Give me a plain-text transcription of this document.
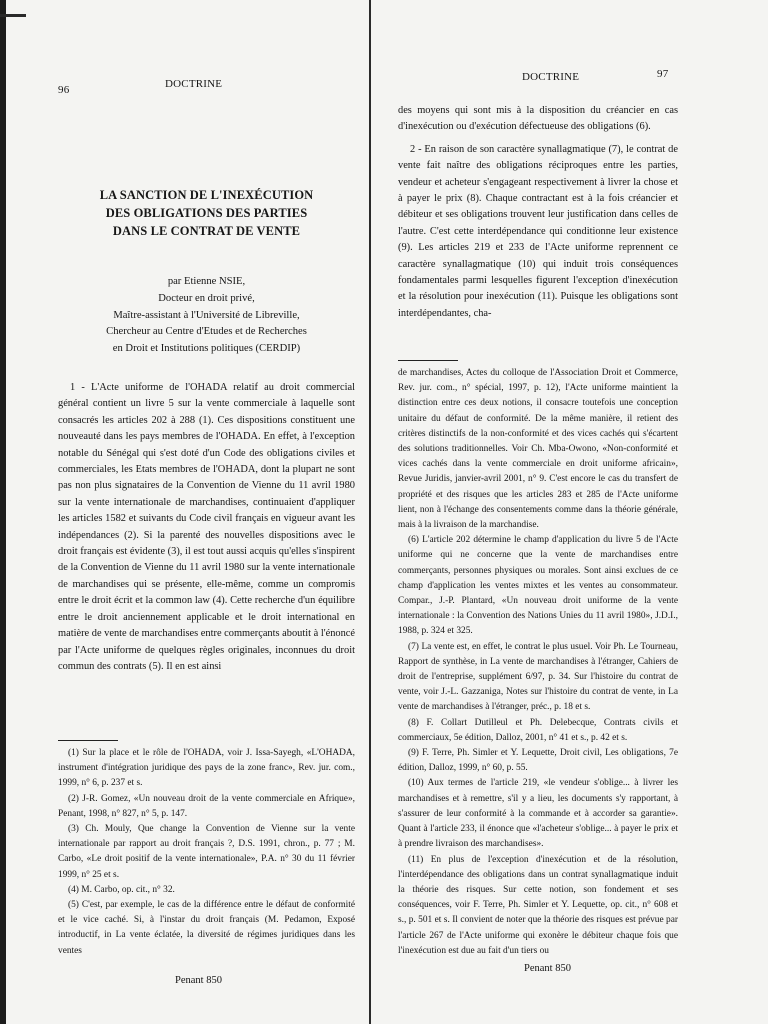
96	DOCTRINE
LA SANCTION DE L'INEXÉCUTION
DES OBLIGATIONS DES PARTIES
DANS LE CONTRAT DE VENTE
par Etienne NSIE,
Docteur en droit privé,
Maître-assistant à l'Université de Libreville,
Chercheur au Centre d'Etudes et de Recherches
en Droit et Institutions politiques (CERDIP)

1 - L'Acte uniforme de l'OHADA relatif au droit commercial général contient un livre 5 sur la vente commerciale à laquelle sont consacrés les articles 202 à 288 (1). Ces dispositions constituent une nouveauté dans les pays membres de l'OHADA. En effet, à l'exception notable du Sénégal qui s'est doté d'un Code des obligations civiles et commerciales, les Etats membres de l'OHADA, dont la plupart ne sont pas non plus signataires de la Convention de Vienne du 11 avril 1980 sur la vente internationale de marchandises, continuaient d'appliquer les articles 1582 et suivants du Code civil français en vigueur avant les indépendances (2). Si la parenté des nouvelles dispositions avec le droit français est évidente (3), il est tout aussi acquis qu'elles s'inspirent de la Convention de Vienne du 11 avril 1980 sur la vente internationale de marchandises qui se présente, elle-même, comme un compromis entre le droit écrit et la common law (4). Cette recherche d'un équilibre entre le droit anciennement applicable et le droit international en matière de vente de marchandises entre commerçants aboutit à l'énoncé par l'Acte uniforme de quelques règles originales, inconnues du droit commun des contrats (5). Il en est ainsi

(1) Sur la place et le rôle de l'OHADA, voir J. Issa-Sayegh, «L'OHADA, instrument d'intégration juridique des pays de la zone franc», Rev. jur. com., 1999, n° 6, p. 237 et s.

(2) J-R. Gomez, «Un nouveau droit de la vente commerciale en Afrique», Penant, 1998, n° 827, n° 5, p. 147.

(3) Ch. Mouly, Que change la Convention de Vienne sur la vente internationale par rapport au droit français ?, D.S. 1991, chron., p. 77 ; M. Carbo, «Le droit positif de la vente internationale», P.A. n° 30 du 11 février 1999, n° 25 et s.

(4) M. Carbo, op. cit., n° 32.

(5) C'est, par exemple, le cas de la différence entre le défaut de conformité et le vice caché. Si, à l'instar du droit français (M. Pedamon, Exposé introductif, in La vente éclatée, la diversité de régimes juridiques dans les ventes

Penant 850
DOCTRINE	97

des moyens qui sont mis à la disposition du créancier en cas d'inexécution ou d'exécution défectueuse des obligations (6).

2 - En raison de son caractère synallagmatique (7), le contrat de vente fait naître des obligations réciproques entre les parties, vendeur et acheteur s'engageant respectivement à livrer la chose et à payer le prix (8). Chaque contractant est à la fois créancier et débiteur et ses obligations trouvent leur justification dans celles de l'autre. C'est cette interdépendance qui conditionne leur existence (9). Les articles 219 et 233 de l'Acte uniforme reprennent ce caractère synallagmatique (10) qui induit trois conséquences fondamentales parmi lesquelles figurent l'exception d'inexécution et la résolution pour inexécution (11). Puisque les obligations sont interdépendantes, cha-

de marchandises, Actes du colloque de l'Association Droit et Commerce, Rev. jur. com., n° spécial, 1997, p. 12), l'Acte uniforme maintient la distinction entre ces deux notions, il consacre toutefois une conception unitaire du défaut de conformité. De la même manière, il retient des critères distinctifs de la non-conformité et des vices cachés qui s'écartent des solutions traditionnelles. Voir Ch. Mba-Owono, «Non-conformité et vices cachés dans la vente commerciale en droit uniforme africain», Revue Juridis, janvier-avril 2001, n° 9. C'est encore le cas du transfert de propriété et des risques que les articles 283 et 285 de l'Acte uniforme lient, non à l'échange des consentements comme dans la théorie générale, mais à la livraison de la marchandise.

(6) L'article 202 détermine le champ d'application du livre 5 de l'Acte uniforme qui ne concerne que la vente de marchandises entre commerçants, personnes physiques ou morales. Sont ainsi exclues de ce champ d'application les ventes mixtes et les ventes au consommateur. Compar., J.-P. Plantard, «Un nouveau droit uniforme de la vente internationale : la Convention des Nations Unies du 11 avril 1980», J.D.I., 1988, p. 324 et 325.

(7) La vente est, en effet, le contrat le plus usuel. Voir Ph. Le Tourneau, Rapport de synthèse, in La vente de marchandises à l'étranger, Cahiers de droit de l'entreprise, supplément 6/97, p. 34. Sur l'histoire du contrat de vente, voir J.-L. Gazzaniga, Notes sur l'histoire du contrat de vente, in La vente de marchandises à l'étranger, préc., p. 18 et s.

(8) F. Collart Dutilleul et Ph. Delebecque, Contrats civils et commerciaux, 5e édition, Dalloz, 2001, n° 41 et s., p. 42 et s.

(9) F. Terre, Ph. Simler et Y. Lequette, Droit civil, Les obligations, 7e édition, Dalloz, 1999, n° 60, p. 55.

(10) Aux termes de l'article 219, «le vendeur s'oblige... à livrer les marchandises et à remettre, s'il y a lieu, les documents s'y rapportant, à s'assurer de leur conformité à la commande et à accorder sa garantie». Quant à l'article 233, il énonce que «l'acheteur s'oblige... à payer le prix et à prendre livraison des marchandises».

(11) En plus de l'exception d'inexécution et de la résolution, l'interdépendance des obligations dans un contrat synallagmatique induit la théorie des risques. Sur cette notion, son fondement et ses conséquences, voir F. Terre, Ph. Simler et Y. Lequette, op. cit., n° 608 et s., p. 501 et s. Il convient de noter que la théorie des risques est prévue par l'article 267 de l'Acte uniforme qui exonère le débiteur chaque fois que l'inexécution est due au fait d'un tiers ou

Penant 850
